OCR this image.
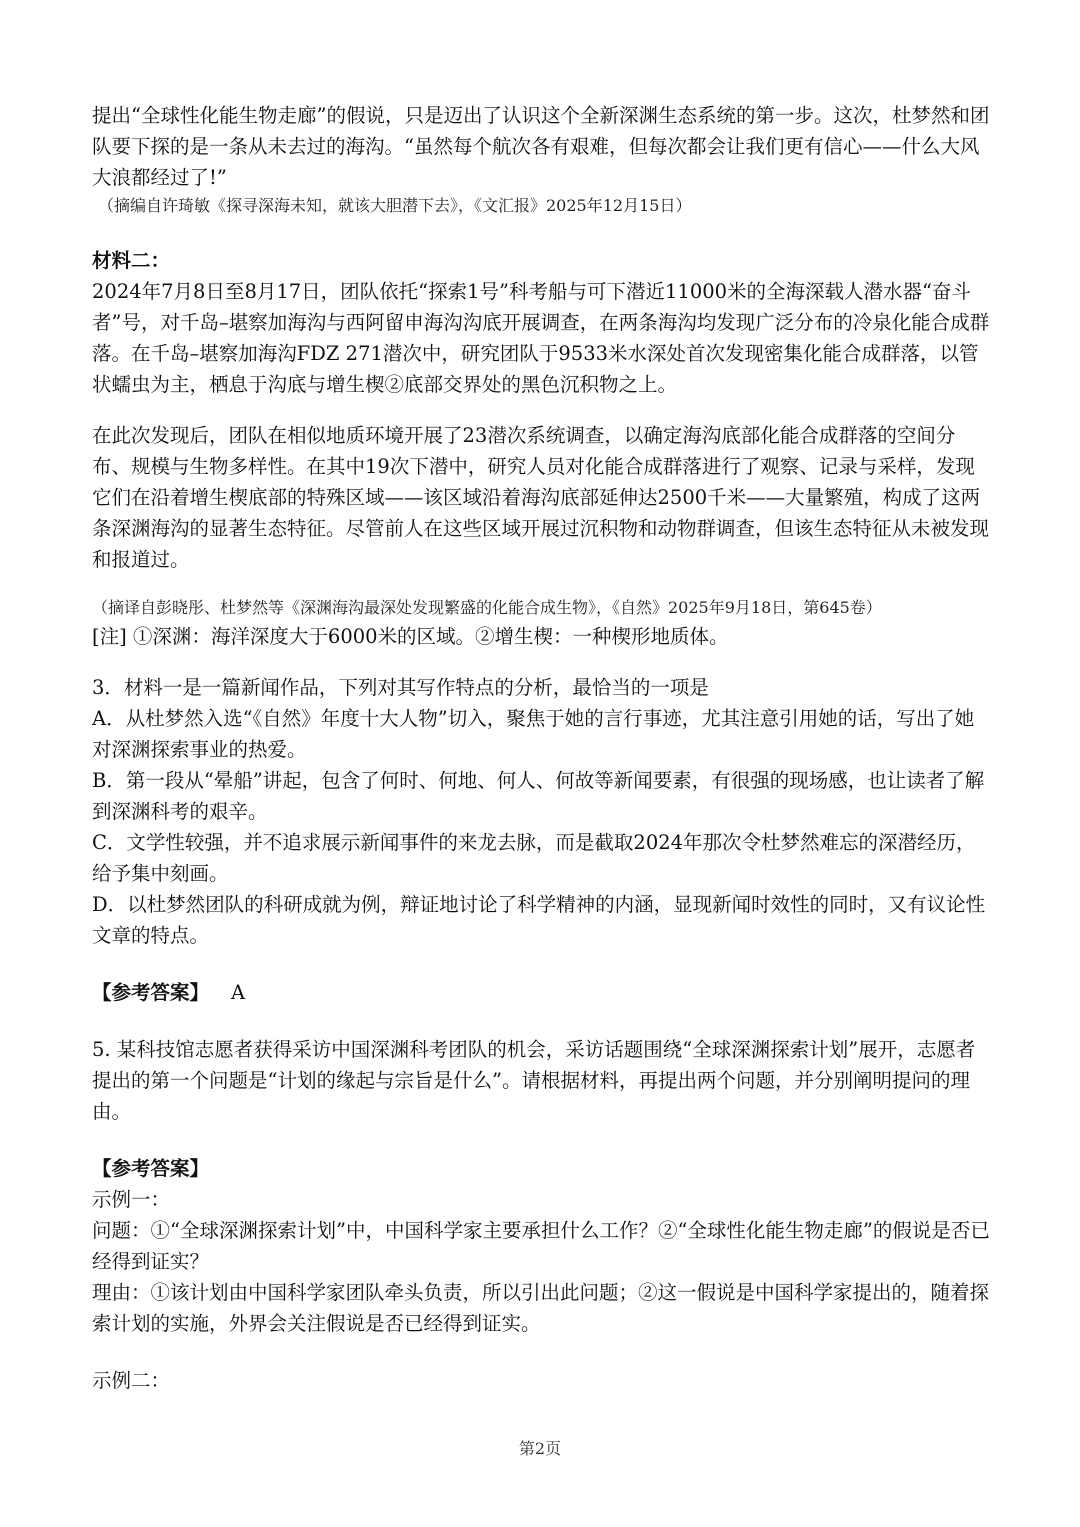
提出“全球性化能生物走廊”的假说，只是迈出了认识这个全新深渊生态系统的第一步。这次，杜梦然和团队要下探的是一条从未去过的海沟。“虽然每个航次各有艰难，但每次都会让我们更有信心——什么大风大浪都经过了!”

（摘编自许琦敏《探寻深海未知，就该大胆潜下去》，《文汇报》2025年12月15日）

材料二：

2024年7月8日至8月17日，团队依托“探索1号”科考船与可下潜近11000米的全海深载人潜水器“奋斗者”号，对千岛–堪察加海沟与西阿留申海沟沟底开展调查，在两条海沟均发现广泛分布的冷泉化能合成群落。在千岛–堪察加海沟FDZ 271潜次中，研究团队于9533米水深处首次发现密集化能合成群落，以管状蠕虫为主，栖息于沟底与增生楔②底部交界处的黑色沉积物之上。

在此次发现后，团队在相似地质环境开展了23潜次系统调查，以确定海沟底部化能合成群落的空间分布、规模与生物多样性。在其中19次下潜中，研究人员对化能合成群落进行了观察、记录与采样，发现它们在沿着增生楔底部的特殊区域——该区域沿着海沟底部延伸达2500千米——大量繁殖，构成了这两条深渊海沟的显著生态特征。尽管前人在这些区域开展过沉积物和动物群调查，但该生态特征从未被发现和报道过。

（摘译自彭晓彤、杜梦然等《深渊海沟最深处发现繁盛的化能合成生物》，《自然》2025年9月18日，第645卷）

[注] ①深渊：海洋深度大于6000米的区域。②增生楔：一种楔形地质体。

3．材料一是一篇新闻作品，下列对其写作特点的分析，最恰当的一项是

A．从杜梦然入选“《自然》年度十大人物”切入，聚焦于她的言行事迹，尤其注意引用她的话，写出了她对深渊探索事业的热爱。

B．第一段从“晕船”讲起，包含了何时、何地、何人、何故等新闻要素，有很强的现场感，也让读者了解到深渊科考的艰辛。

C．文学性较强，并不追求展示新闻事件的来龙去脉，而是截取2024年那次令杜梦然难忘的深潜经历，给予集中刻画。

D．以杜梦然团队的科研成就为例，辩证地讨论了科学精神的内涵，显现新闻时效性的同时，又有议论性文章的特点。

【参考答案】 A

5. 某科技馆志愿者获得采访中国深渊科考团队的机会，采访话题围绕“全球深渊探索计划”展开，志愿者提出的第一个问题是“计划的缘起与宗旨是什么”。请根据材料，再提出两个问题，并分别阐明提问的理由。

【参考答案】

示例一：

问题：①“全球深渊探索计划”中，中国科学家主要承担什么工作？②“全球性化能生物走廊”的假说是否已经得到证实？

理由：①该计划由中国科学家团队牵头负责，所以引出此问题；②这一假说是中国科学家提出的，随着探索计划的实施，外界会关注假说是否已经得到证实。

示例二：

第2页
